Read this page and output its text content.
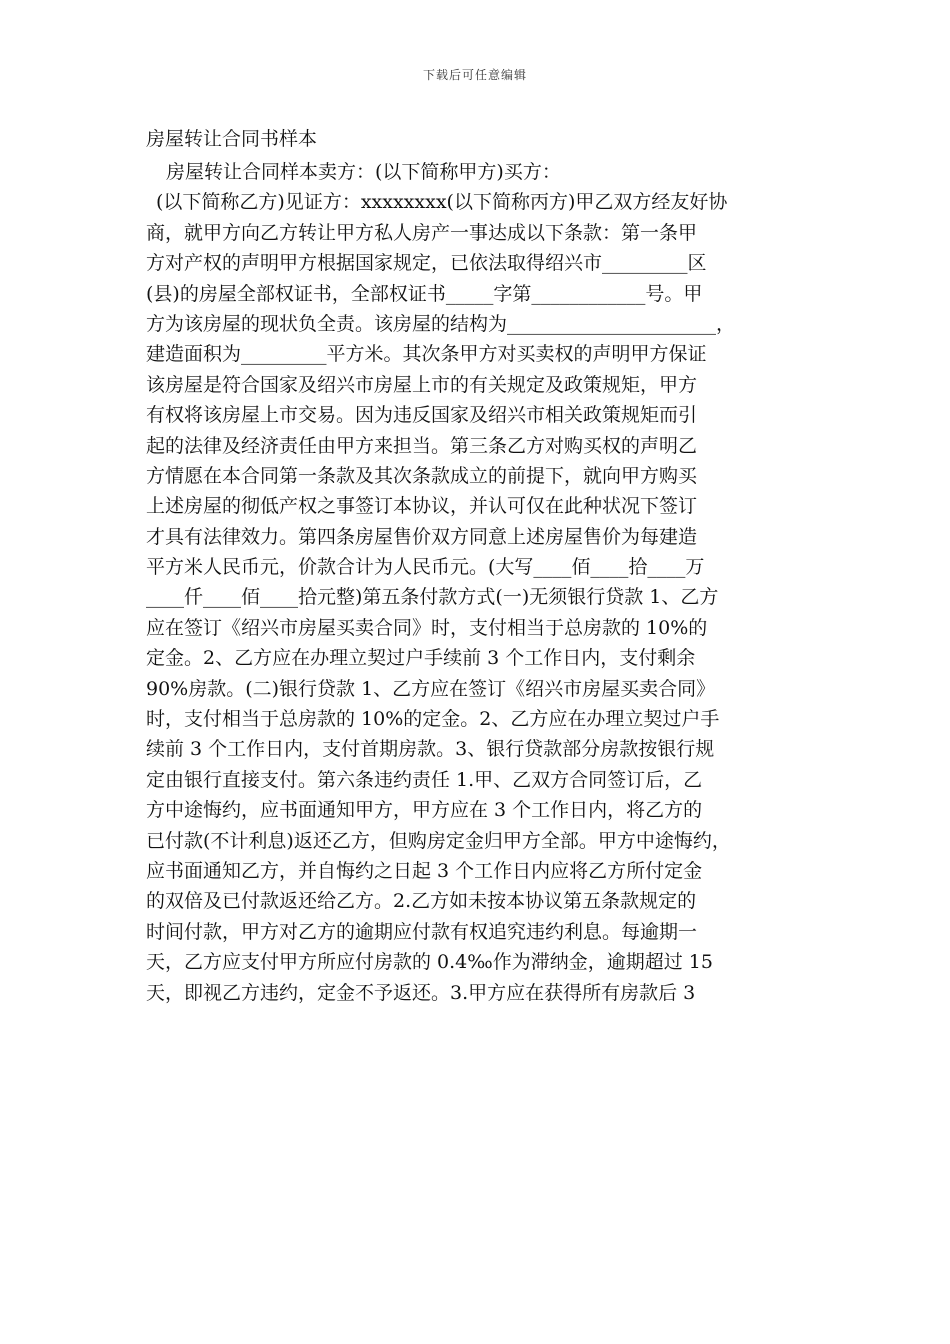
下载后可任意编辑
房屋转让合同书样本
房屋转让合同样本卖方：(以下简称甲方)买方：
(以下简称乙方)见证方：xxxxxxxx(以下简称丙方)甲乙双方经友好协
商，就甲方向乙方转让甲方私人房产一事达成以下条款：第一条甲
方对产权的声明甲方根据国家规定，已依法取得绍兴市_________区
(县)的房屋全部权证书，全部权证书_____字第____________号。甲
方为该房屋的现状负全责。该房屋的结构为______________________，
建造面积为_________平方米。其次条甲方对买卖权的声明甲方保证
该房屋是符合国家及绍兴市房屋上市的有关规定及政策规矩，甲方
有权将该房屋上市交易。因为违反国家及绍兴市相关政策规矩而引
起的法律及经济责任由甲方来担当。第三条乙方对购买权的声明乙
方情愿在本合同第一条款及其次条款成立的前提下，就向甲方购买
上述房屋的彻低产权之事签订本协议，并认可仅在此种状况下签订
才具有法律效力。第四条房屋售价双方同意上述房屋售价为每建造
平方米人民币元，价款合计为人民币元。(大写____佰____拾____万
____仟____佰____拾元整)第五条付款方式(一)无须银行贷款 1、乙方
应在签订《绍兴市房屋买卖合同》时，支付相当于总房款的 10%的
定金。2、乙方应在办理立契过户手续前 3 个工作日内，支付剩余
90%房款。(二)银行贷款 1、乙方应在签订《绍兴市房屋买卖合同》
时，支付相当于总房款的 10%的定金。2、乙方应在办理立契过户手
续前 3 个工作日内，支付首期房款。3、银行贷款部分房款按银行规
定由银行直接支付。第六条违约责任 1.甲、乙双方合同签订后，乙
方中途悔约，应书面通知甲方，甲方应在 3 个工作日内，将乙方的
已付款(不计利息)返还乙方，但购房定金归甲方全部。甲方中途悔约，
应书面通知乙方，并自悔约之日起 3 个工作日内应将乙方所付定金
的双倍及已付款返还给乙方。2.乙方如未按本协议第五条款规定的
时间付款，甲方对乙方的逾期应付款有权追究违约利息。每逾期一
天，乙方应支付甲方所应付房款的 0.4‰作为滞纳金，逾期超过 15
天，即视乙方违约，定金不予返还。3.甲方应在获得所有房款后 3
